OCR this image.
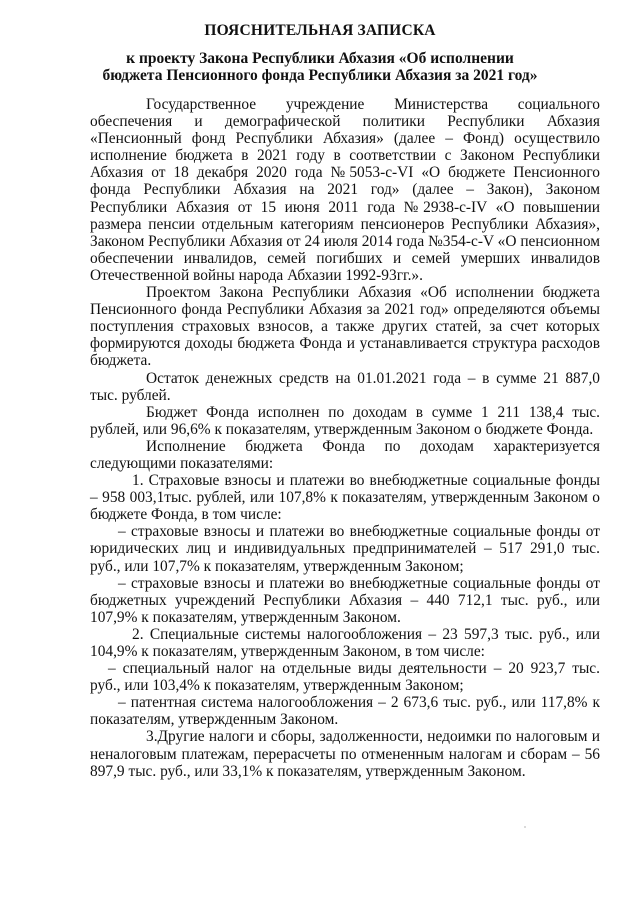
ПОЯСНИТЕЛЬНАЯ ЗАПИСКА
к проекту Закона Республики Абхазия «Об исполнении бюджета Пенсионного фонда Республики Абхазия за 2021 год»

Государственное учреждение Министерства социального обеспечения и демографической политики Республики Абхазия «Пенсионный фонд Республики Абхазия» (далее – Фонд) осуществило исполнение бюджета в 2021 году в соответствии с Законом Республики Абхазия от 18 декабря 2020 года №5053-с-VI «О бюджете Пенсионного фонда Республики Абхазия на 2021 год» (далее – Закон), Законом Республики Абхазия от 15 июня 2011 года №2938-с-IV «О повышении размера пенсии отдельным категориям пенсионеров Республики Абхазия», Законом Республики Абхазия от 24 июля 2014 года №354-с-V «О пенсионном обеспечении инвалидов, семей погибших и семей умерших инвалидов Отечественной войны народа Абхазии 1992-93гг.».

Проектом Закона Республики Абхазия «Об исполнении бюджета Пенсионного фонда Республики Абхазия за 2021 год» определяются объемы поступления страховых взносов, а также других статей, за счет которых формируются доходы бюджета Фонда и устанавливается структура расходов бюджета.

Остаток денежных средств на 01.01.2021 года – в сумме 21 887,0 тыс. рублей.

Бюджет Фонда исполнен по доходам в сумме 1 211 138,4 тыс. рублей, или 96,6% к показателям, утвержденным Законом о бюджете Фонда.

Исполнение бюджета Фонда по доходам характеризуется следующими показателями:

1. Страховые взносы и платежи во внебюджетные социальные фонды – 958 003,1тыс. рублей, или 107,8% к показателям, утвержденным Законом о бюджете Фонда, в том числе:

– страховые взносы и платежи во внебюджетные социальные фонды от юридических лиц и индивидуальных предпринимателей – 517 291,0 тыс. руб., или 107,7% к показателям, утвержденным Законом;

– страховые взносы и платежи во внебюджетные социальные фонды от бюджетных учреждений Республики Абхазия – 440 712,1 тыс. руб., или 107,9% к показателям, утвержденным Законом.

2. Специальные системы налогообложения – 23 597,3 тыс. руб., или 104,9% к показателям, утвержденным Законом, в том числе:

– специальный налог на отдельные виды деятельности – 20 923,7 тыс. руб., или 103,4% к показателям, утвержденным Законом;

– патентная система налогообложения – 2 673,6 тыс. руб., или 117,8% к показателям, утвержденным Законом.

3.Другие налоги и сборы, задолженности, недоимки по налоговым и неналоговым платежам, перерасчеты по отмененным налогам и сборам – 56 897,9 тыс. руб., или 33,1% к показателям, утвержденным Законом.
